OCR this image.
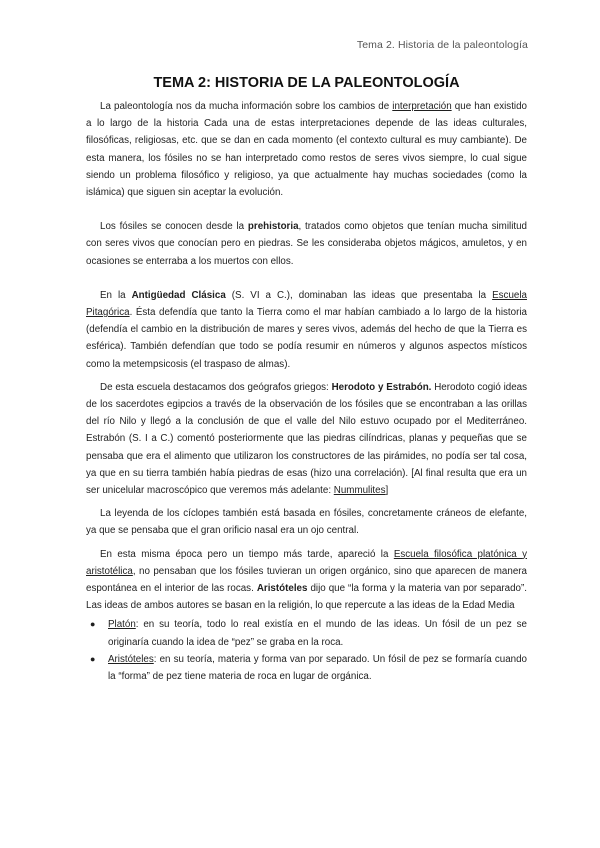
Tema 2. Historia de la paleontología
TEMA 2: HISTORIA DE LA PALEONTOLOGÍA

La paleontología nos da mucha información sobre los cambios de interpretación que han existido a lo largo de la historia Cada una de estas interpretaciones depende de las ideas culturales, filosóficas, religiosas, etc. que se dan en cada momento (el contexto cultural es muy cambiante). De esta manera, los fósiles no se han interpretado como restos de seres vivos siempre, lo cual sigue siendo un problema filosófico y religioso, ya que actualmente hay muchas sociedades (como la islámica) que siguen sin aceptar la evolución.

Los fósiles se conocen desde la prehistoria, tratados como objetos que tenían mucha similitud con seres vivos que conocían pero en piedras. Se les consideraba objetos mágicos, amuletos, y en ocasiones se enterraba a los muertos con ellos.

En la Antigüedad Clásica (S. VI a C.), dominaban las ideas que presentaba la Escuela Pitagórica. Ésta defendía que tanto la Tierra como el mar habían cambiado a lo largo de la historia (defendía el cambio en la distribución de mares y seres vivos, además del hecho de que la Tierra es esférica). También defendían que todo se podía resumir en números y algunos aspectos místicos como la metempsicosis (el traspaso de almas).

De esta escuela destacamos dos geógrafos griegos: Herodoto y Estrabón. Herodoto cogió ideas de los sacerdotes egipcios a través de la observación de los fósiles que se encontraban a las orillas del río Nilo y llegó a la conclusión de que el valle del Nilo estuvo ocupado por el Mediterráneo. Estrabón (S. I a C.) comentó posteriormente que las piedras cilíndricas, planas y pequeñas que se pensaba que era el alimento que utilizaron los constructores de las pirámides, no podía ser tal cosa, ya que en su tierra también había piedras de esas (hizo una correlación). [Al final resulta que era un ser unicelular macroscópico que veremos más adelante: Nummulites]

La leyenda de los cíclopes también está basada en fósiles, concretamente cráneos de elefante, ya que se pensaba que el gran orificio nasal era un ojo central.

En esta misma época pero un tiempo más tarde, apareció la Escuela filosófica platónica y aristotélica, no pensaban que los fósiles tuvieran un origen orgánico, sino que aparecen de manera espontánea en el interior de las rocas. Aristóteles dijo que “la forma y la materia van por separado”. Las ideas de ambos autores se basan en la religión, lo que repercute a las ideas de la Edad Media

● Platón: en su teoría, todo lo real existía en el mundo de las ideas. Un fósil de un pez se originaría cuando la idea de “pez” se graba en la roca.
● Aristóteles: en su teoría, materia y forma van por separado. Un fósil de pez se formaría cuando la “forma” de pez tiene materia de roca en lugar de orgánica.
